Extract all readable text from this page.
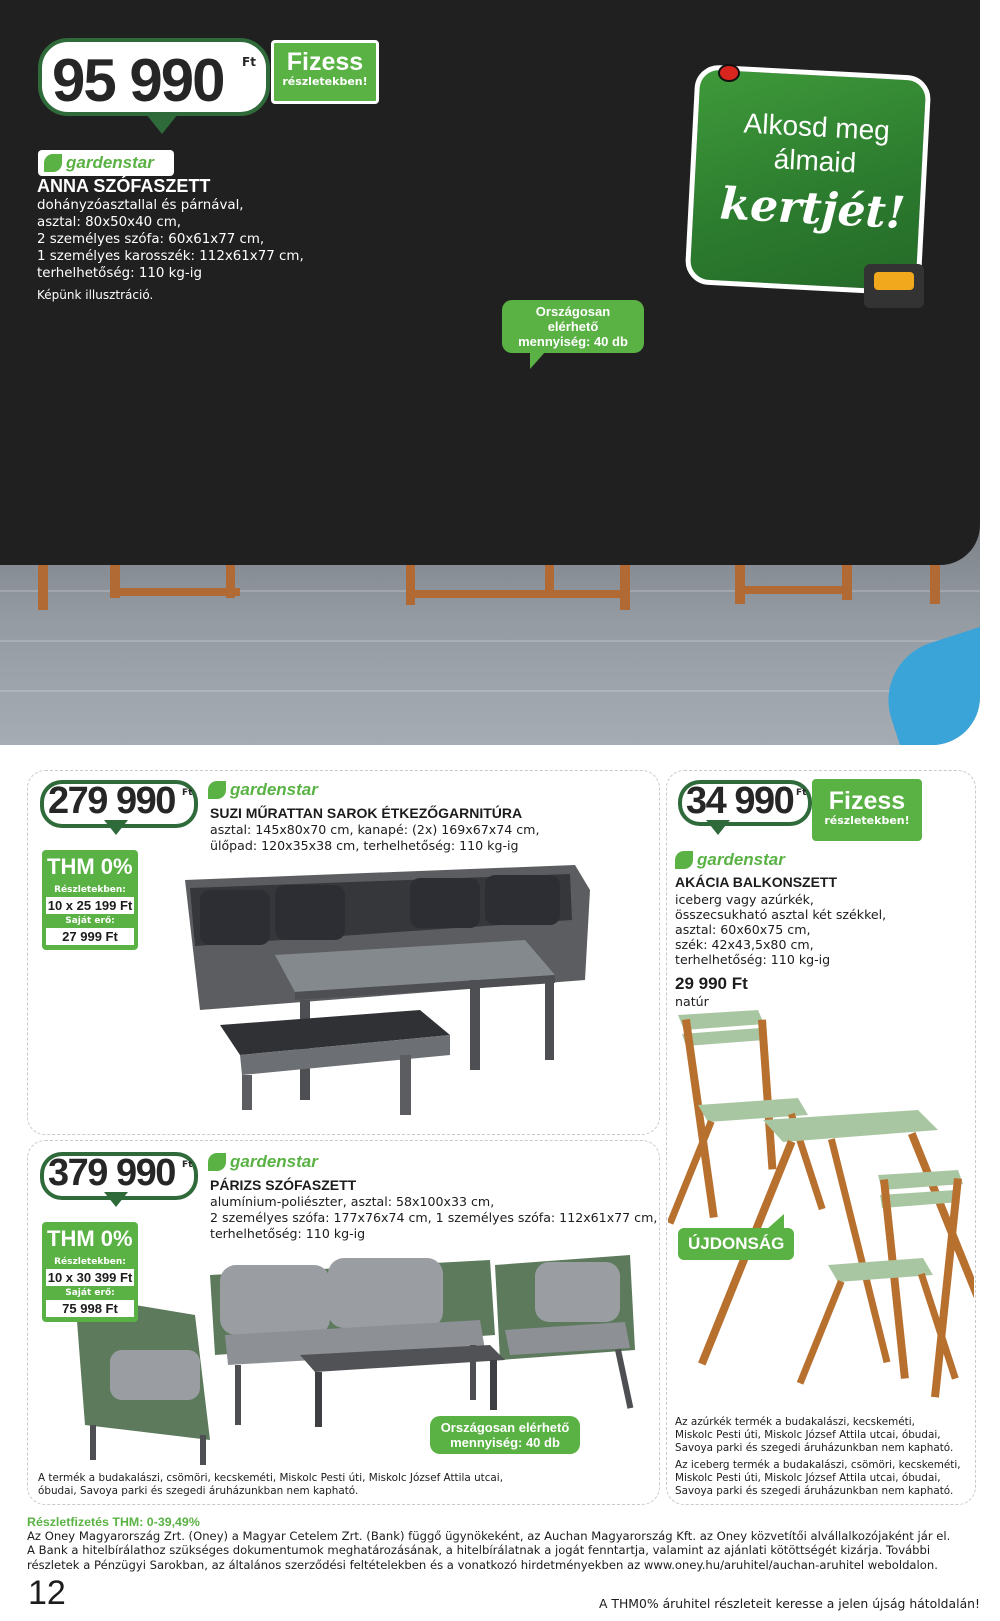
95 990 Ft	Fizess
részletekben!
gardenstar
ANNA SZÓFASZETT
dohányzóasztallal és párnával,
asztal: 80x50x40 cm,
2 személyes szófa: 60x61x77 cm,
1 személyes karosszék: 112x61x77 cm,
terhelhetőség: 110 kg-ig
Képünk illusztráció.
Országosan elérhető
mennyiség: 40 db
Alkosd meg
álmaid
kertjét!
279 990 Ft
THM 0%
Részletekben:
10 x 25 199 Ft
Saját erő:
27 999 Ft
gardenstar
SUZI MŰRATTAN SAROK ÉTKEZŐGARNITÚRA
asztal: 145x80x70 cm, kanapé: (2x) 169x67x74 cm,
ülőpad: 120x35x38 cm, terhelhetőség: 110 kg-ig
34 990 Ft Fizess
részletekben!
gardenstar
AKÁCIA BALKONSZETT
iceberg vagy azúrkék,
összecsukható asztal két székkel,
asztal: 60x60x75 cm,
szék: 42x43,5x80 cm,
terhelhetőség: 110 kg-ig
29 990 Ft
natúr
ÚJDONSÁG
Az azúrkék termék a budakalászi, kecskeméti,
Miskolc Pesti úti, Miskolc József Attila utcai, óbudai,
Savoya parki és szegedi áruházunkban nem kapható.
Az iceberg termék a budakalászi, csömöri, kecskeméti,
Miskolc Pesti úti, Miskolc József Attila utcai, óbudai,
Savoya parki és szegedi áruházunkban nem kapható.
379 990 Ft
THM 0%
Részletekben:
10 x 30 399 Ft
Saját erő:
75 998 Ft
gardenstar
PÁRIZS SZÓFASZETT
alumínium-poliészter, asztal: 58x100x33 cm,
2 személyes szófa: 177x76x74 cm, 1 személyes szófa: 112x61x77 cm,
terhelhetőség: 110 kg-ig
Országosan elérhető
mennyiség: 40 db
A termék a budakalászi, csömöri, kecskeméti, Miskolc Pesti úti, Miskolc József Attila utcai,
óbudai, Savoya parki és szegedi áruházunkban nem kapható.
Részletfizetés THM: 0-39,49%
Az Oney Magyarország Zrt. (Oney) a Magyar Cetelem Zrt. (Bank) függő ügynökeként, az Auchan Magyarország Kft. az Oney közvetítői alvállalkozójaként jár el.
A Bank a hitelbírálathoz szükséges dokumentumok meghatározásának, a hitelbírálatnak a jogát fenntartja, valamint az ajánlati kötöttségét kizárja. További
részletek a Pénzügyi Sarokban, az általános szerződési feltételekben és a vonatkozó hirdetményekben az www.oney.hu/aruhitel/auchan-aruhitel weboldalon.
12	A THM0% áruhitel részleteit keresse a jelen újság hátoldalán!
